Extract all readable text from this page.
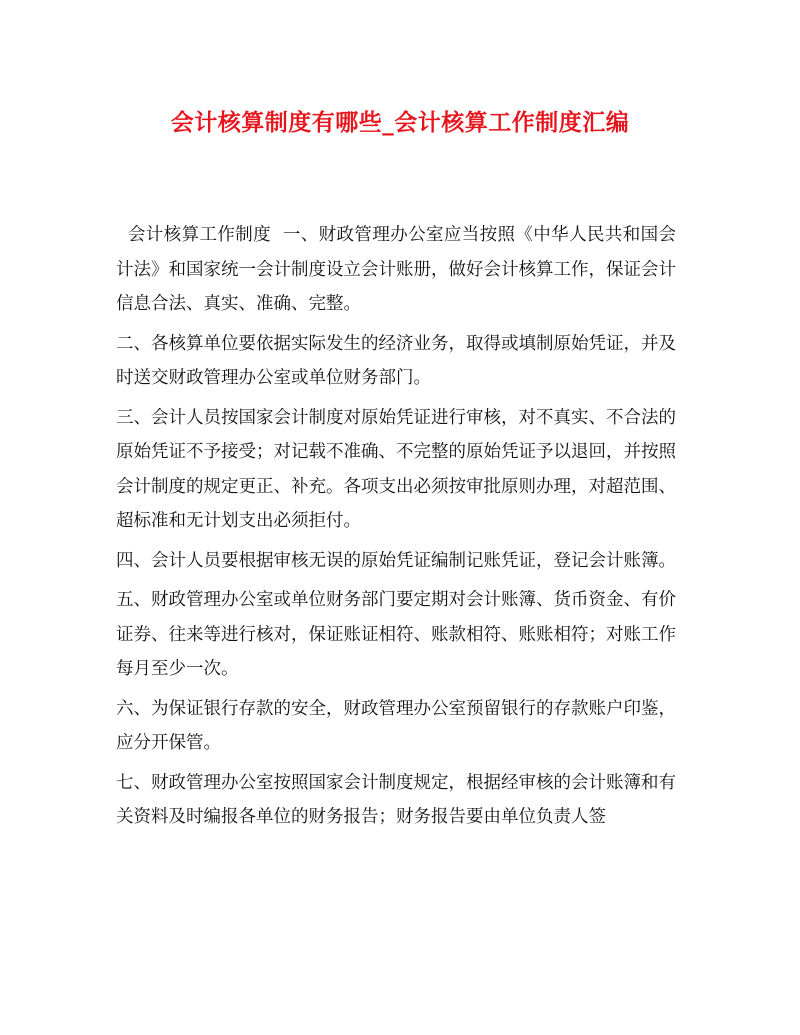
会计核算制度有哪些_会计核算工作制度汇编

会计核算工作制度  一、财政管理办公室应当按照《中华人民共和国会计法》和国家统一会计制度设立会计账册，做好会计核算工作，保证会计信息合法、真实、准确、完整。

二、各核算单位要依据实际发生的经济业务，取得或填制原始凭证，并及时送交财政管理办公室或单位财务部门。

三、会计人员按国家会计制度对原始凭证进行审核，对不真实、不合法的原始凭证不予接受；对记载不准确、不完整的原始凭证予以退回，并按照会计制度的规定更正、补充。各项支出必须按审批原则办理，对超范围、超标准和无计划支出必须拒付。

四、会计人员要根据审核无误的原始凭证编制记账凭证，登记会计账簿。

五、财政管理办公室或单位财务部门要定期对会计账簿、货币资金、有价证券、往来等进行核对，保证账证相符、账款相符、账账相符；对账工作每月至少一次。

六、为保证银行存款的安全，财政管理办公室预留银行的存款账户印鉴，  应分开保管。

七、财政管理办公室按照国家会计制度规定，根据经审核的会计账簿和有关资料及时编报各单位的财务报告；财务报告要由单位负责人签
